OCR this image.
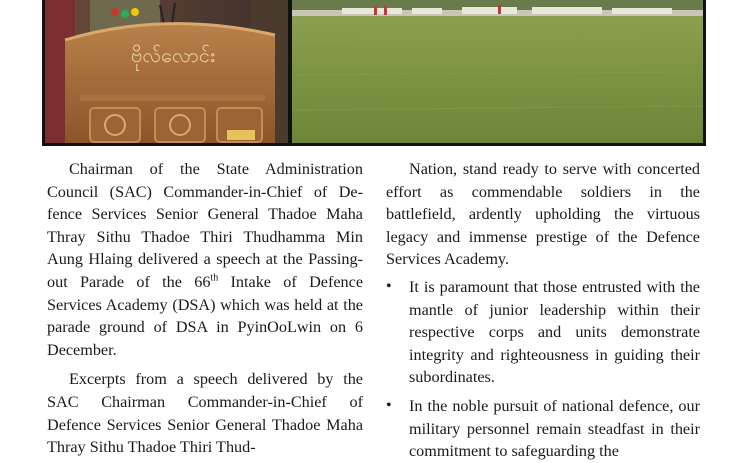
ဗိုလ်လောင်း

Chairman of the State Administration Council (SAC) Commander-in-Chief of Defence Services Senior General Thadoe Maha Thray Sithu Thadoe Thiri Thudhamma Min Aung Hlaing delivered a speech at the Passing-out Parade of the 66th Intake of Defence Services Academy (DSA) which was held at the parade ground of DSA in PyinOoLwin on 6 December.

Excerpts from a speech delivered by the SAC Chairman Commander-in-Chief of Defence Services Senior General Thadoe Maha Thray Sithu Thadoe Thiri Thud-

Nation, stand ready to serve with concerted effort as commendable soldiers in the battlefield, ardently upholding the virtuous legacy and immense prestige of the Defence Services Academy.

• It is paramount that those entrusted with the mantle of junior leadership within their respective corps and units demonstrate integrity and righteousness in guiding their subordinates.
• In the noble pursuit of national defence, our military personnel remain steadfast in their commitment to safeguarding the
